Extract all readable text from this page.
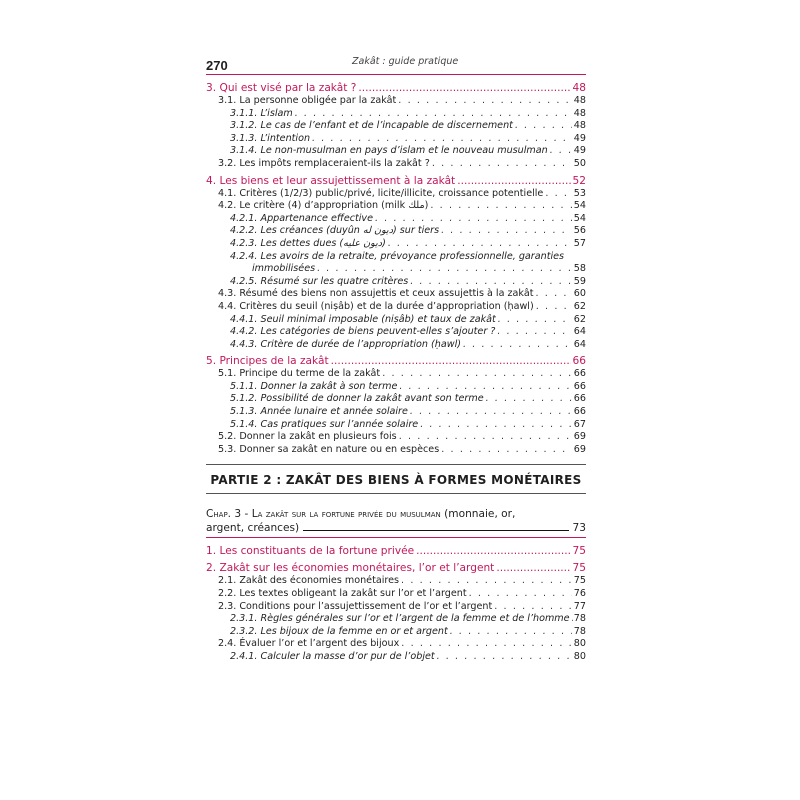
270	Zakât : guide pratique
3. Qui est visé par la zakât ? .....	48
3.1. La personne obligée par la zakât . . .	48
3.1.1. L’islam . . .	48
3.1.2. Le cas de l’enfant et de l’incapable de discernement . . .	48
3.1.3. L’intention . . .	49
3.1.4. Le non-musulman en pays d’islam et le nouveau musulman . . .	49
3.2. Les impôts remplaceraient-ils la zakât ? . . .	50
4. Les biens et leur assujettissement à la zakât .....	52
4.1. Critères (1/2/3) public/privé, licite/illicite, croissance potentielle . . .	53
4.2. Le critère (4) d’appropriation (milk ملك) . . .	54
4.2.1. Appartenance effective . . .	54
4.2.2. Les créances (duyûn ديون له) sur tiers . . .	56
4.2.3. Les dettes dues (ديون عليه) . . .	57
4.2.4. Les avoirs de la retraite, prévoyance professionnelle, garanties
immobilisées . . .	58
4.2.5. Résumé sur les quatre critères . . .	59
4.3. Résumé des biens non assujettis et ceux assujettis à la zakât . . .	60
4.4. Critères du seuil (niṣâb) et de la durée d’appropriation (ḥawl) . . .	62
4.4.1. Seuil minimal imposable (niṣâb) et taux de zakât . . .	62
4.4.2. Les catégories de biens peuvent-elles s’ajouter ? . . .	64
4.4.3. Critère de durée de l’appropriation (ḥawl) . . .	64
5. Principes de la zakât .....	66
5.1. Principe du terme de la zakât . . .	66
5.1.1. Donner la zakât à son terme . . .	66
5.1.2. Possibilité de donner la zakât avant son terme . . .	66
5.1.3. Année lunaire et année solaire . . .	66
5.1.4. Cas pratiques sur l’année solaire . . .	67
5.2. Donner la zakât en plusieurs fois . . .	69
5.3. Donner sa zakât en nature ou en espèces . . .	69
PARTIE 2 : ZAKÂT DES BIENS À FORMES MONÉTAIRES
Chap. 3 - La zakât sur la fortune privée du musulman (monnaie, or,
argent, créances)	73
1. Les constituants de la fortune privée .....	75
2. Zakât sur les économies monétaires, l’or et l’argent .....	75
2.1. Zakât des économies monétaires . . .	75
2.2. Les textes obligeant la zakât sur l’or et l’argent . . .	76
2.3. Conditions pour l’assujettissement de l’or et l’argent . . .	77
2.3.1. Règles générales sur l’or et l’argent de la femme et de l’homme . . . 78
2.3.2. Les bijoux de la femme en or et argent . . .	78
2.4. Évaluer l’or et l’argent des bijoux . . .	80
2.4.1. Calculer la masse d’or pur de l’objet . . .	80
